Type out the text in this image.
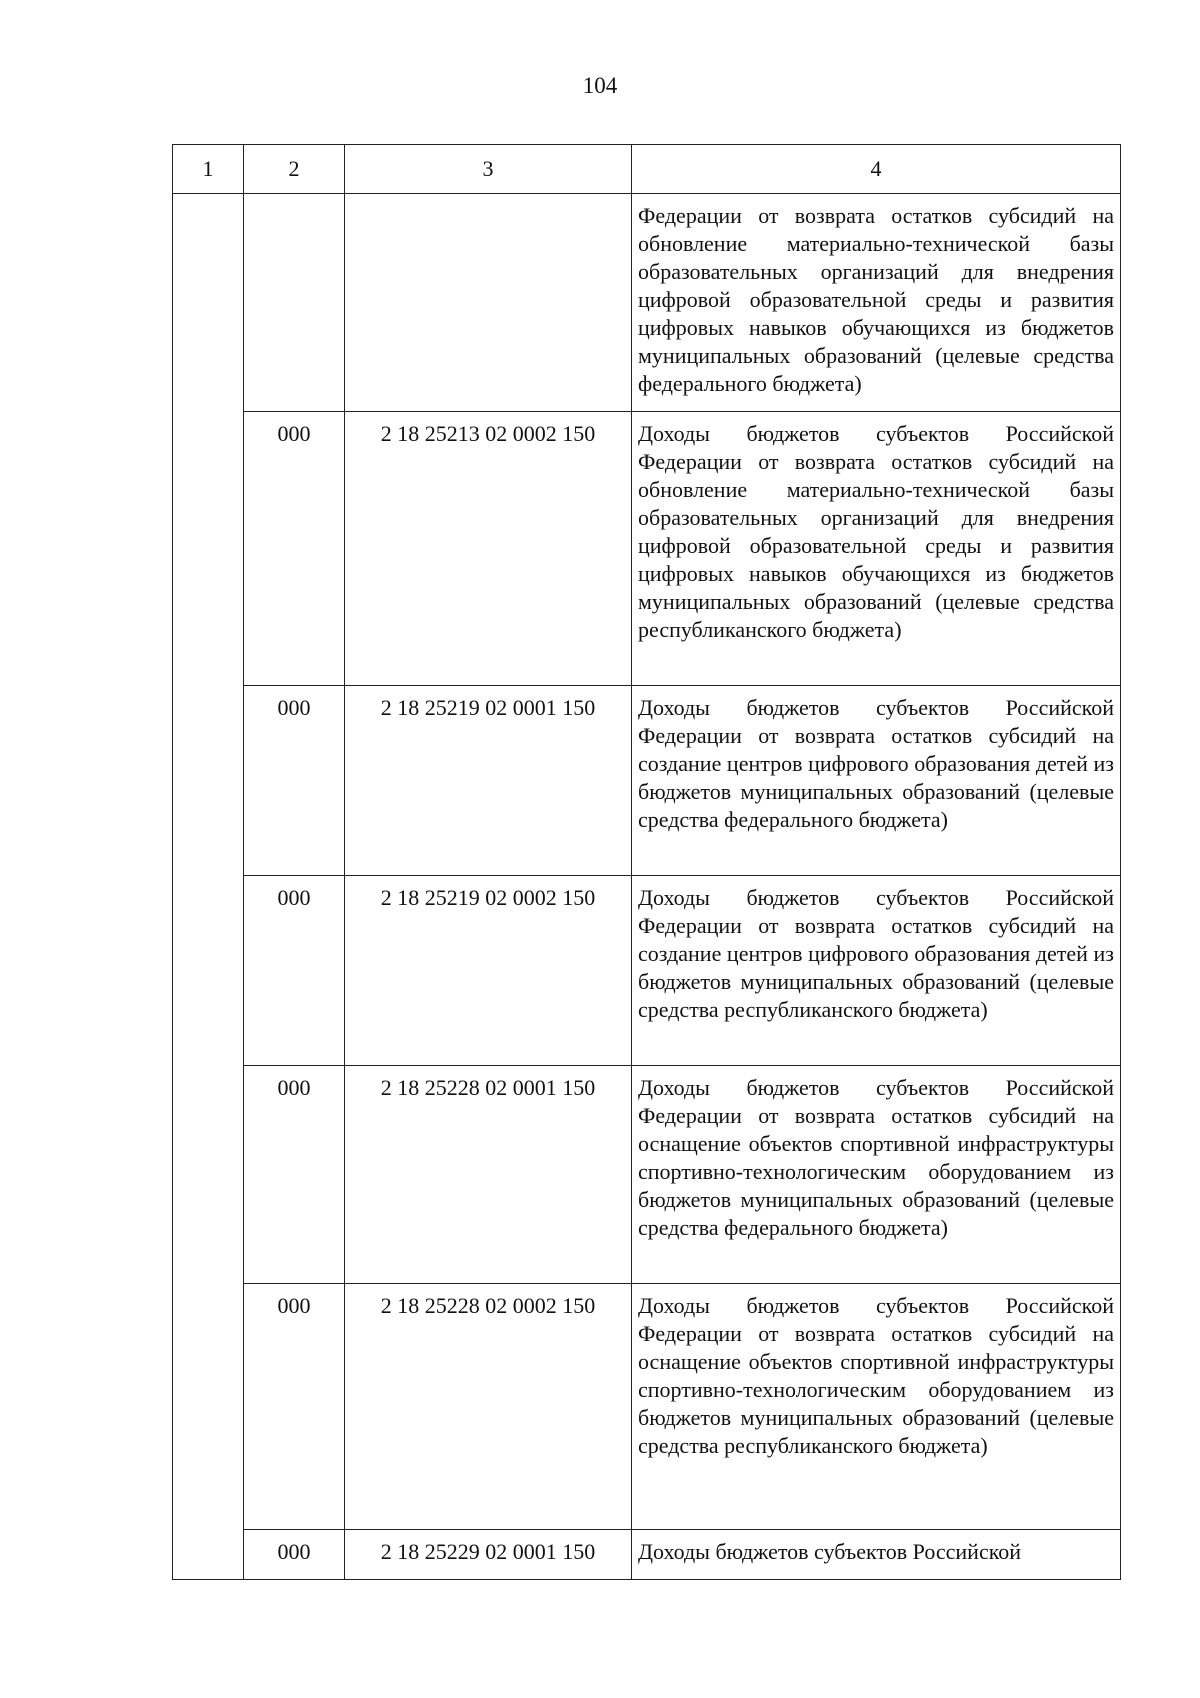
104
1	2	3	4
			Федерации от возврата остатков субсидий на обновление материально-технической базы образовательных организаций для внедрения цифровой образовательной среды и развития цифровых навыков обучающихся из бюджетов муниципальных образований (целевые средства федерального бюджета)
	000	2 18 25213 02 0002 150	Доходы бюджетов субъектов Российской Федерации от возврата остатков субсидий на обновление материально-технической базы образовательных организаций для внедрения цифровой образовательной среды и развития цифровых навыков обучающихся из бюджетов муниципальных образований (целевые средства республиканского бюджета)
	000	2 18 25219 02 0001 150	Доходы бюджетов субъектов Российской Федерации от возврата остатков субсидий на создание центров цифрового образования детей из бюджетов муниципальных образований (целевые средства федерального бюджета)
	000	2 18 25219 02 0002 150	Доходы бюджетов субъектов Российской Федерации от возврата остатков субсидий на создание центров цифрового образования детей из бюджетов муниципальных образований (целевые средства республиканского бюджета)
	000	2 18 25228 02 0001 150	Доходы бюджетов субъектов Российской Федерации от возврата остатков субсидий на оснащение объектов спортивной инфраструктуры спортивно-технологическим оборудованием из бюджетов муниципальных образований (целевые средства федерального бюджета)
	000	2 18 25228 02 0002 150	Доходы бюджетов субъектов Российской Федерации от возврата остатков субсидий на оснащение объектов спортивной инфраструктуры спортивно-технологическим оборудованием из бюджетов муниципальных образований (целевые средства республиканского бюджета)
	000	2 18 25229 02 0001 150	Доходы бюджетов субъектов Российской
